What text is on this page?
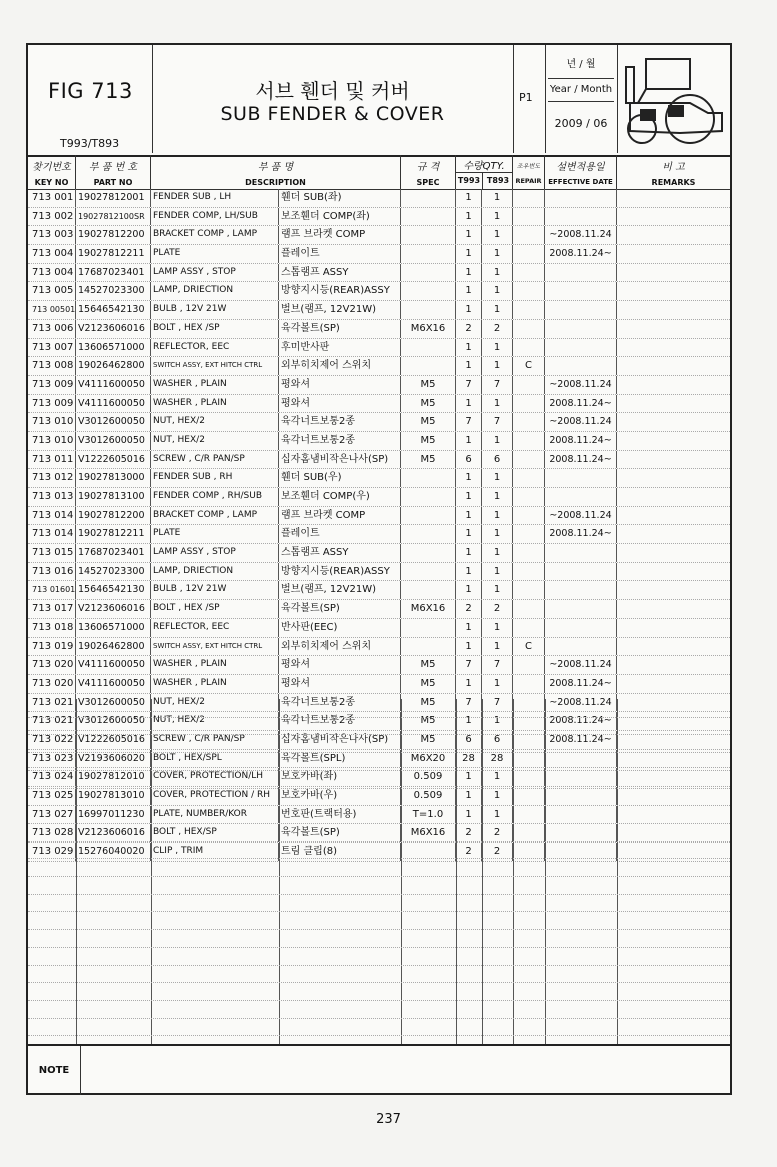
FIG 713
T993/T893
서브 휀더 및 커버
SUB FENDER & COVER
P1
년 / 월
Year / Month
2009 / 06
찾기번호
KEY NO
부 품 번 호
PART NO
부 품 명
DESCRIPTION
규 격
SPEC
수량QTY.
T993 T893
조우번도
REPAIR
설변적용일
EFFECTIVE DATE
비 고
REMARKS
713 001 19027812001 FENDER SUB , LH	휀더 SUB(좌)	1	1
713 002 19027812100SR FENDER COMP, LH/SUB	보조휀더 COMP(좌)	1	1
713 003 19027812200 BRACKET COMP , LAMP	램프 브라켓 COMP	1	1	~2008.11.24
713 004 19027812211 PLATE	플레이트	1	1	2008.11.24~
713 004 17687023401 LAMP ASSY , STOP	스톱램프 ASSY	1	1
713 005 14527023300 LAMP, DRIECTION	방향지시등(REAR)ASSY	1	1
713 00501 15646542130 BULB , 12V 21W	벌브(램프, 12V21W)	1	1
713 006 V2123606016 BOLT , HEX /SP	육각볼트(SP)	M6X16	2	2
713 007 13606571000 REFLECTOR, EEC	후미반사판	1	1
713 008 19026462800	SWITCH ASSY, EXT HITCH CTRL	외부히치제어 스위치	1	1	C
713 009 V4111600050 WASHER , PLAIN	평와셔	M5	7	7	~2008.11.24
713 009 V4111600050 WASHER , PLAIN	평와셔	M5	1	1	2008.11.24~
713 010 V3012600050 NUT, HEX/2	육각너트보통2종	M5	7	7	~2008.11.24
713 010 V3012600050 NUT, HEX/2	육각너트보통2종	M5	1	1	2008.11.24~
713 011 V1222605016 SCREW , C/R PAN/SP	십자홈냄비작은나사(SP)	M5	6	6	2008.11.24~
713 012 19027813000 FENDER SUB , RH	휀더 SUB(우)	1	1
713 013 19027813100 FENDER COMP , RH/SUB	보조휀더 COMP(우)	1	1
713 014 19027812200 BRACKET COMP , LAMP	램프 브라켓 COMP	1	1	~2008.11.24
713 014 19027812211 PLATE	플레이트	1	1	2008.11.24~
713 015 17687023401 LAMP ASSY , STOP	스톱램프 ASSY	1	1
713 016 14527023300 LAMP, DRIECTION	방향지시등(REAR)ASSY	1	1
713 01601 15646542130 BULB , 12V 21W	벌브(램프, 12V21W)	1	1
713 017 V2123606016 BOLT , HEX /SP	육각볼트(SP)	M6X16	2	2
713 018 13606571000 REFLECTOR, EEC	반사판(EEC)	1	1
713 019 19026462800	SWITCH ASSY, EXT HITCH CTRL	외부히치제어 스위치	1	1	C
713 020 V4111600050 WASHER , PLAIN	평와셔	M5	7	7	~2008.11.24
713 020 V4111600050 WASHER , PLAIN	평와셔	M5	1	1	2008.11.24~
713 021 V3012600050 NUT, HEX/2	육각너트보통2종	M5	7	7	~2008.11.24
713 021 V3012600050 NUT, HEX/2	육각너트보통2종	M5	1	1	2008.11.24~
713 022 V1222605016 SCREW , C/R PAN/SP	십자홈냄비작은나사(SP)	M5	6	6	2008.11.24~
713 023 V2193606020 BOLT , HEX/SPL	육각볼트(SPL)	M6X20	28	28
713 024 19027812010 COVER, PROTECTION/LH	보호카바(좌)	0.509	1	1
713 025 19027813010 COVER, PROTECTION / RH	보호카바(우)	0.509	1	1
713 027 16997011230 PLATE, NUMBER/KOR	번호판(트랙터용)	T=1.0	1	1
713 028 V2123606016 BOLT , HEX/SP	육각볼트(SP)	M6X16	2	2
713 029 15276040020 CLIP , TRIM	트림 클립(8)	2	2
NOTE
237
